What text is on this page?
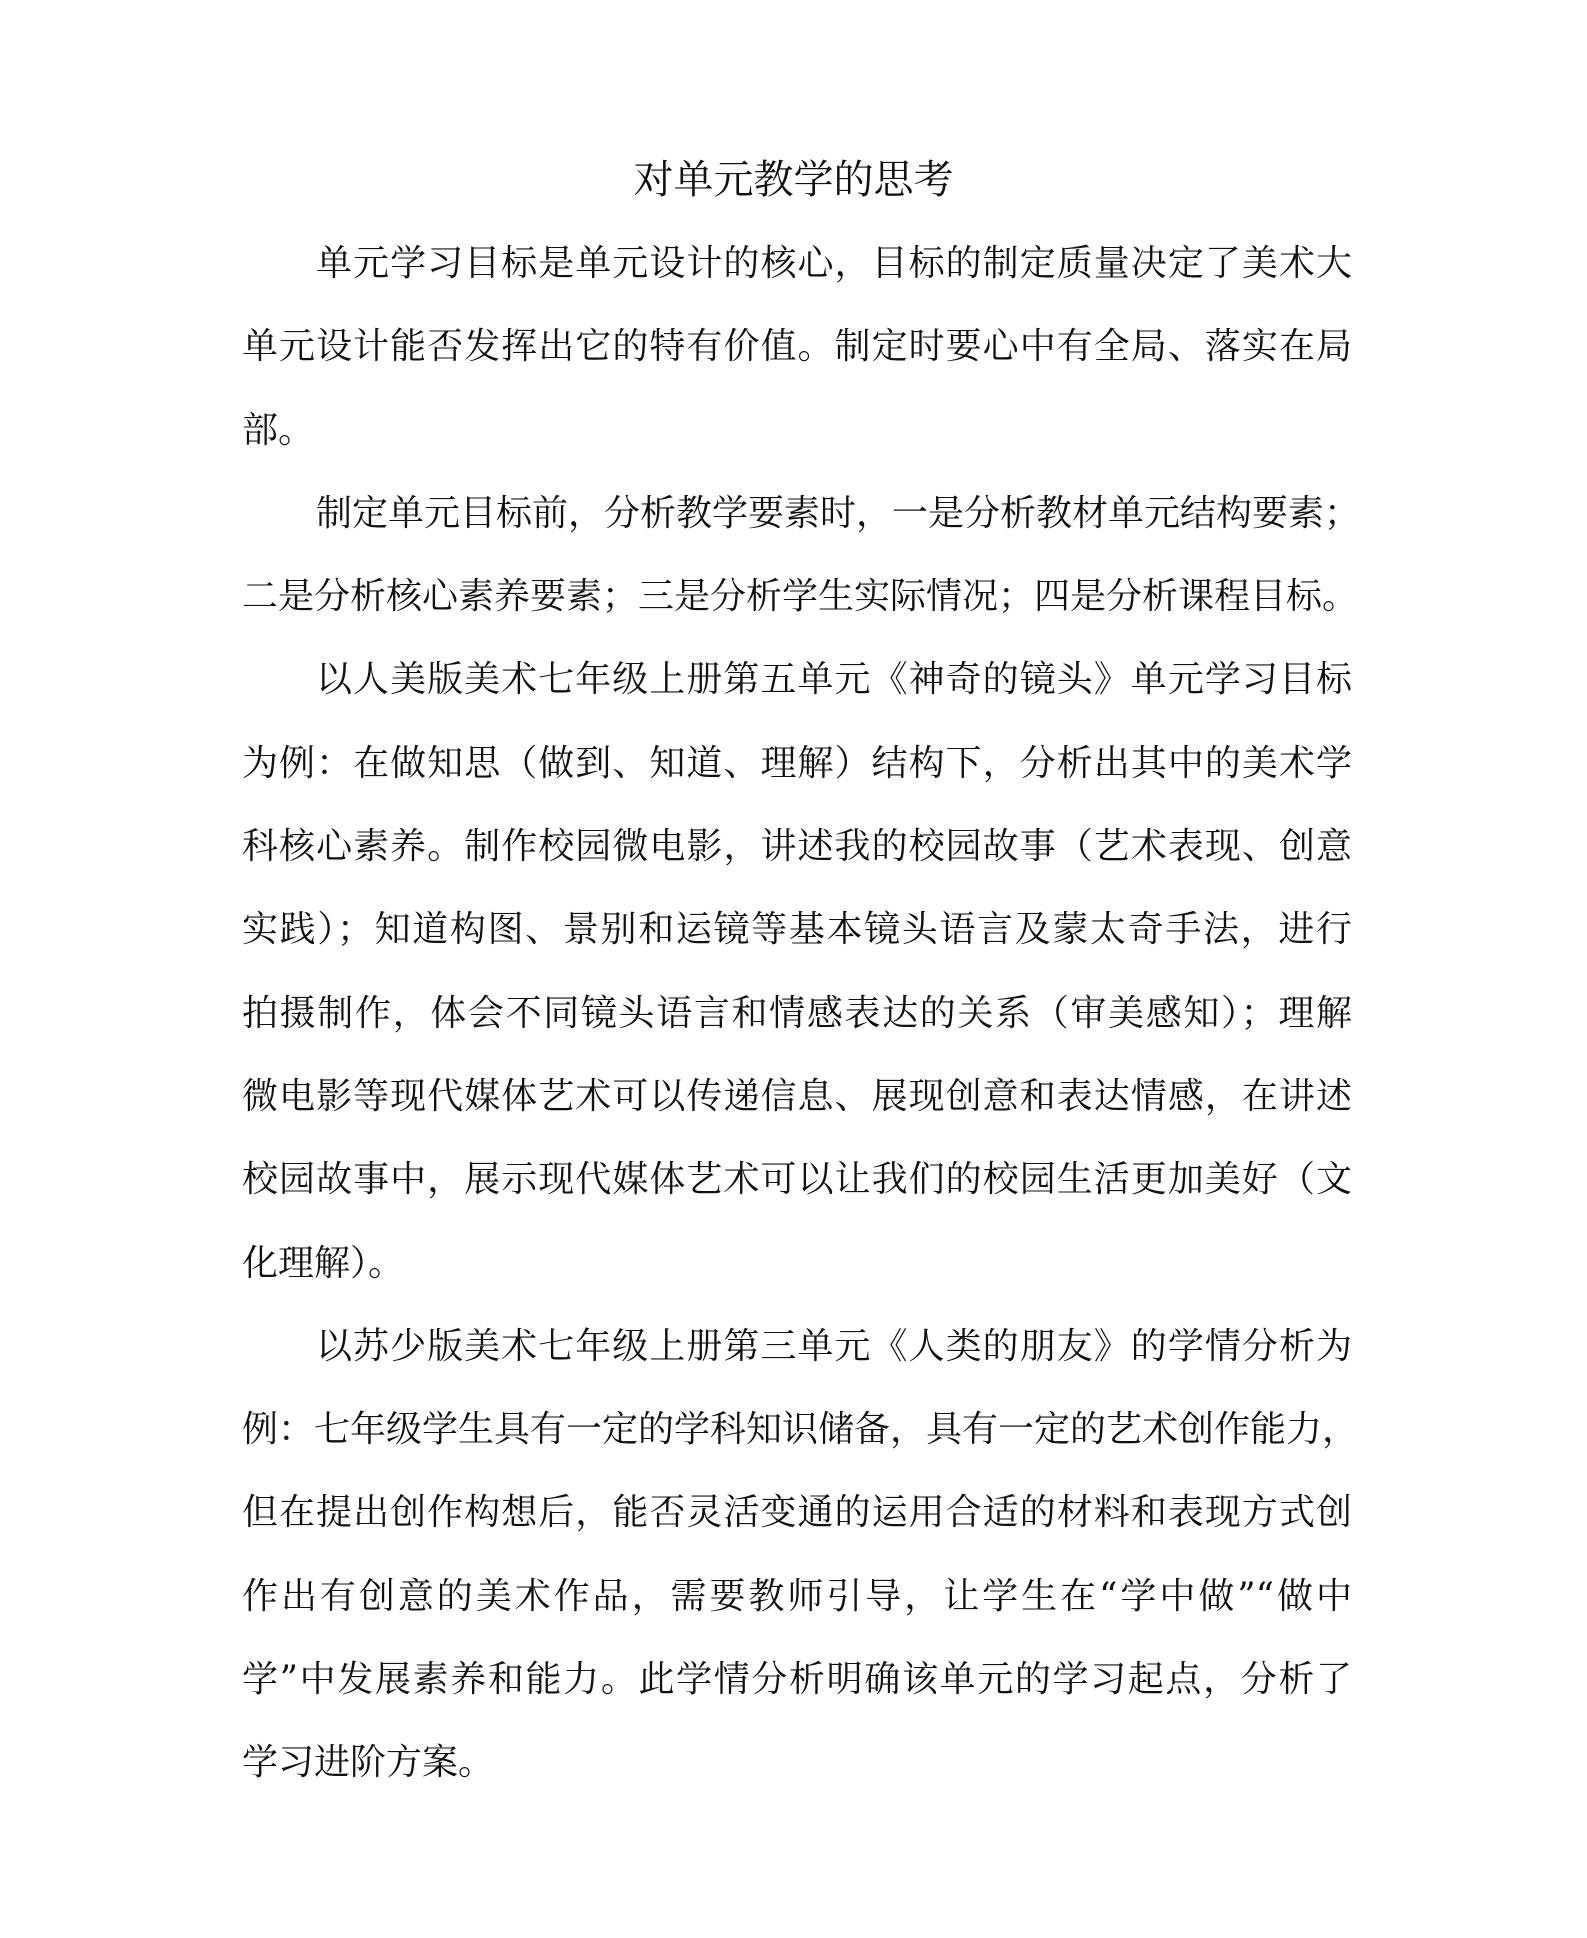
对单元教学的思考
单元学习目标是单元设计的核心，目标的制定质量决定了美术大
单元设计能否发挥出它的特有价值。制定时要心中有全局、落实在局
部。
制定单元目标前，分析教学要素时，一是分析教材单元结构要素；
二是分析核心素养要素；三是分析学生实际情况；四是分析课程目标。
以人美版美术七年级上册第五单元《神奇的镜头》单元学习目标
为例：在做知思（做到、知道、理解）结构下，分析出其中的美术学
科核心素养。制作校园微电影，讲述我的校园故事（艺术表现、创意
实践）；知道构图、景别和运镜等基本镜头语言及蒙太奇手法，进行
拍摄制作，体会不同镜头语言和情感表达的关系（审美感知）；理解
微电影等现代媒体艺术可以传递信息、展现创意和表达情感，在讲述
校园故事中，展示现代媒体艺术可以让我们的校园生活更加美好（文
化理解）。
以苏少版美术七年级上册第三单元《人类的朋友》的学情分析为
例：七年级学生具有一定的学科知识储备，具有一定的艺术创作能力，
但在提出创作构想后，能否灵活变通的运用合适的材料和表现方式创
作出有创意的美术作品，需要教师引导，让学生在“学中做”“做中
学”中发展素养和能力。此学情分析明确该单元的学习起点，分析了
学习进阶方案。
